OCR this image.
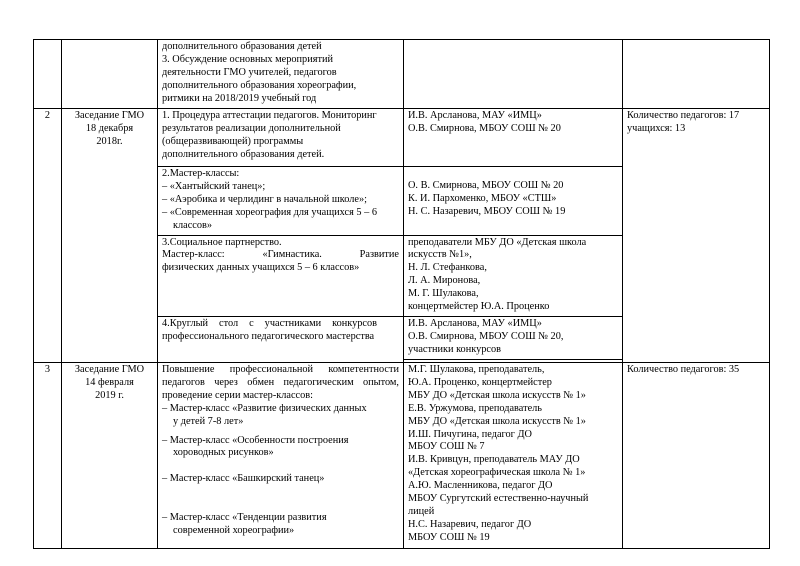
дополнительного образования детей
3. Обсуждение основных мероприятий
деятельности ГМО учителей, педагогов
дополнительного образования хореографии,
ритмики на 2018/2019 учебный год
2	Заседание ГМО
18 декабря
2018г.
1. Процедура аттестации педагогов. Мониторинг
результатов реализации дополнительной
(общеразвивающей) программы
дополнительного образования детей.
И.В. Арсланова, МАУ «ИМЦ»
О.В. Смирнова, МБОУ СОШ № 20
2.Мастер-классы:
– «Хантыйский танец»;
– «Аэробика и черлидинг в начальной школе»;
– «Современная хореография для учащихся 5 – 6 классов»
О. В. Смирнова, МБОУ СОШ № 20
К. И. Пархоменко, МБОУ «СТШ»
Н. С. Назаревич, МБОУ СОШ № 19
3.Социальное партнерство.
Мастер-класс: «Гимнастика. Развитие
физических данных учащихся 5 – 6 классов»
преподаватели МБУ ДО «Детская школа искусств №1»,
Н. Л. Стефанкова,
Л. А. Миронова,
М. Г. Шулакова,
концертмейстер Ю.А. Проценко
4.Круглый стол с участниками конкурсов профессионального педагогического мастерства
И.В. Арсланова, МАУ «ИМЦ»
О.В. Смирнова, МБОУ СОШ № 20,
участники конкурсов
Количество педагогов: 17
учащихся: 13
3	Заседание ГМО
14 февраля
2019 г.
Повышение профессиональной компетентности педагогов через обмен педагогическим опытом, проведение серии мастер-классов:
– Мастер-класс «Развитие физических данных у детей 7-8 лет»
– Мастер-класс «Особенности построения хороводных рисунков»
– Мастер-класс «Башкирский танец»
– Мастер-класс «Тенденции развития современной хореографии»
М.Г. Шулакова, преподаватель,
Ю.А. Проценко, концертмейстер
МБУ ДО «Детская школа искусств № 1»
Е.В. Уржумова, преподаватель
МБУ ДО «Детская школа искусств № 1»
И.Ш. Пичугина, педагог ДО
МБОУ СОШ № 7
И.В. Кривцун, преподаватель МАУ ДО
«Детская хореографическая школа № 1»
А.Ю. Масленникова, педагог ДО
МБОУ Сургутский естественно-научный лицей
Н.С. Назаревич, педагог ДО
МБОУ СОШ № 19
Количество педагогов: 35
